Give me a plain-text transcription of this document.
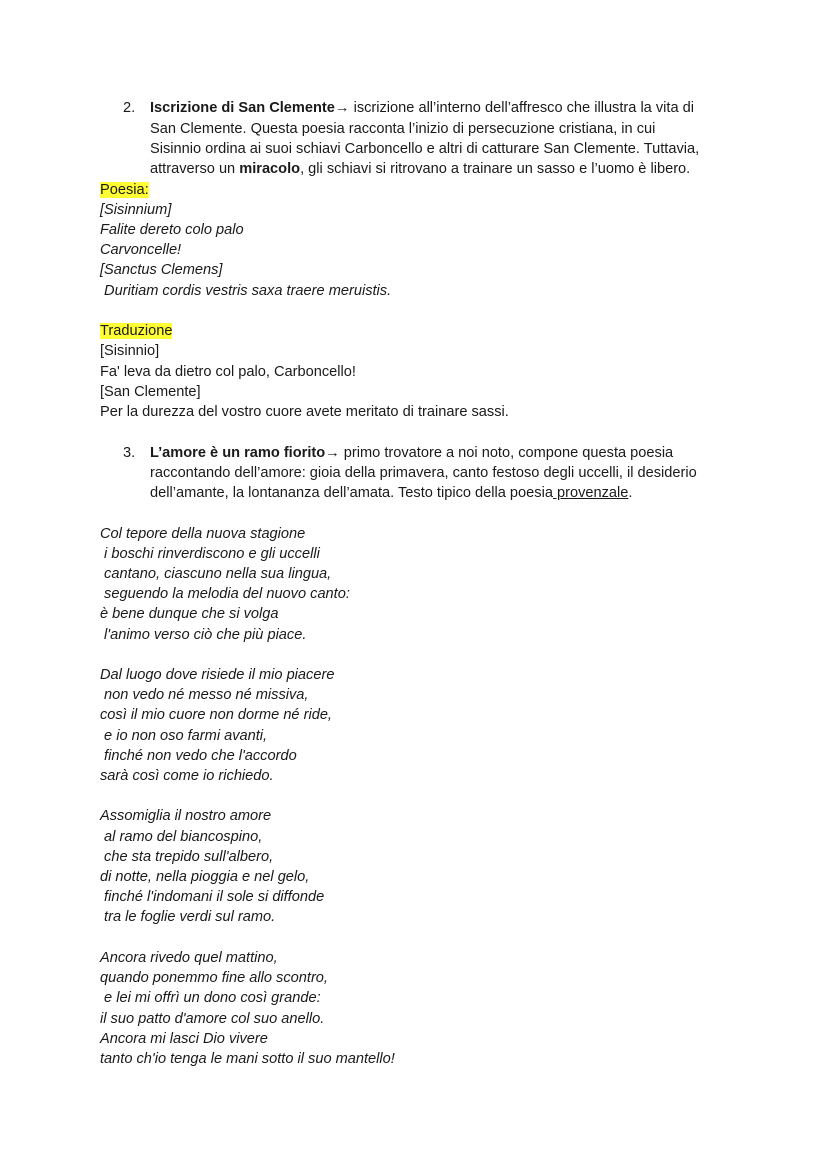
2. Iscrizione di San Clemente→ iscrizione all’interno dell’affresco che illustra la vita di
San Clemente. Questa poesia racconta l’inizio di persecuzione cristiana, in cui
Sisinnio ordina ai suoi schiavi Carboncello e altri di catturare San Clemente. Tuttavia,
attraverso un miracolo, gli schiavi si ritrovano a trainare un sasso e l’uomo è libero.
Poesia:
[Sisinnium]
Falite dereto colo palo
Carvoncelle!
[Sanctus Clemens]
Duritiam cordis vestris saxa traere meruistis.
Traduzione
[Sisinnio]
Fa' leva da dietro col palo, Carboncello!
[San Clemente]
Per la durezza del vostro cuore avete meritato di trainare sassi.
3. L’amore è un ramo fiorito→ primo trovatore a noi noto, compone questa poesia
raccontando dell’amore: gioia della primavera, canto festoso degli uccelli, il desiderio
dell’amante, la lontananza dell’amata. Testo tipico della poesia provenzale.
Col tepore della nuova stagione
i boschi rinverdiscono e gli uccelli
cantano, ciascuno nella sua lingua,
seguendo la melodia del nuovo canto:
è bene dunque che si volga
l'animo verso ciò che più piace.
Dal luogo dove risiede il mio piacere
non vedo né messo né missiva,
così il mio cuore non dorme né ride,
e io non oso farmi avanti,
finché non vedo che l'accordo
sarà così come io richiedo.
Assomiglia il nostro amore
al ramo del biancospino,
che sta trepido sull'albero,
di notte, nella pioggia e nel gelo,
finché l'indomani il sole si diffonde
tra le foglie verdi sul ramo.
Ancora rivedo quel mattino,
quando ponemmo fine allo scontro,
e lei mi offrì un dono così grande:
il suo patto d'amore col suo anello.
Ancora mi lasci Dio vivere
tanto ch'io tenga le mani sotto il suo mantello!
